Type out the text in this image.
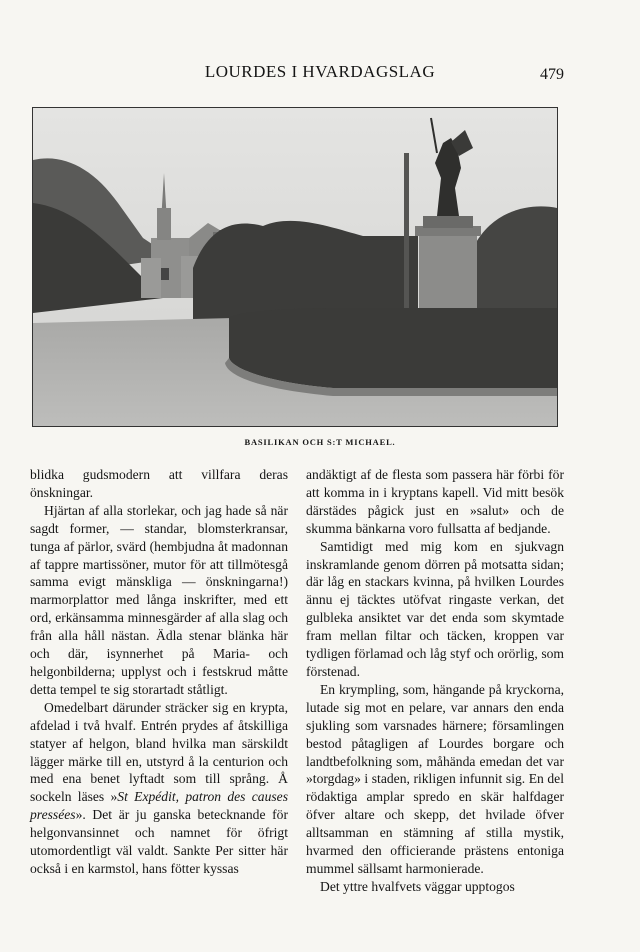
LOURDES I HVARDAGSLAG	479
BASILIKAN OCH S:T MICHAEL.

blidka gudsmodern att villfara deras önskningar.

Hjärtan af alla storlekar, och jag hade så när sagdt former, — standar, blomsterkransar, tunga af pärlor, svärd (hembjudna åt madonnan af tappre martissöner, mutor för att tillmötesgå samma evigt mänskliga — önskningarna!) marmorplattor med långa inskrifter, med ett ord, erkänsamma minnesgärder af alla slag och från alla håll nästan. Ädla stenar blänka här och där, isynnerhet på Maria- och helgonbilderna; upplyst och i festskrud måtte detta tempel te sig storartadt ståtligt.

Omedelbart därunder sträcker sig en krypta, afdelad i två hvalf. Entrén prydes af åtskilliga statyer af helgon, bland hvilka man särskildt lägger märke till en, utstyrd å la centurion och med ena benet lyftadt som till språng. Å sockeln läses »St Expédit, patron des causes pressées». Det är ju ganska betecknande för helgonvansinnet och namnet för öfrigt utomordentligt väl valdt. Sankte Per sitter här också i en karmstol, hans fötter kyssas

andäktigt af de flesta som passera här förbi för att komma in i kryptans kapell. Vid mitt besök därstädes pågick just en »salut» och de skumma bänkarna voro fullsatta af bedjande.

Samtidigt med mig kom en sjukvagn inskramlande genom dörren på motsatta sidan; där låg en stackars kvinna, på hvilken Lourdes ännu ej täcktes utöfvat ringaste verkan, det gulbleka ansiktet var det enda som skymtade fram mellan filtar och täcken, kroppen var tydligen förlamad och låg styf och orörlig, som förstenad.

En krympling, som, hängande på kryckorna, lutade sig mot en pelare, var annars den enda sjukling som varsnades härnere; församlingen bestod påtagligen af Lourdes borgare och landtbefolkning som, måhända emedan det var »torgdag» i staden, rikligen infunnit sig. En del rödaktiga amplar spredo en skär halfdager öfver altare och skepp, det hvilade öfver alltsamman en stämning af stilla mystik, hvarmed den officierande prästens entoniga mummel sällsamt harmonierade.

Det yttre hvalfvets väggar upptogos
